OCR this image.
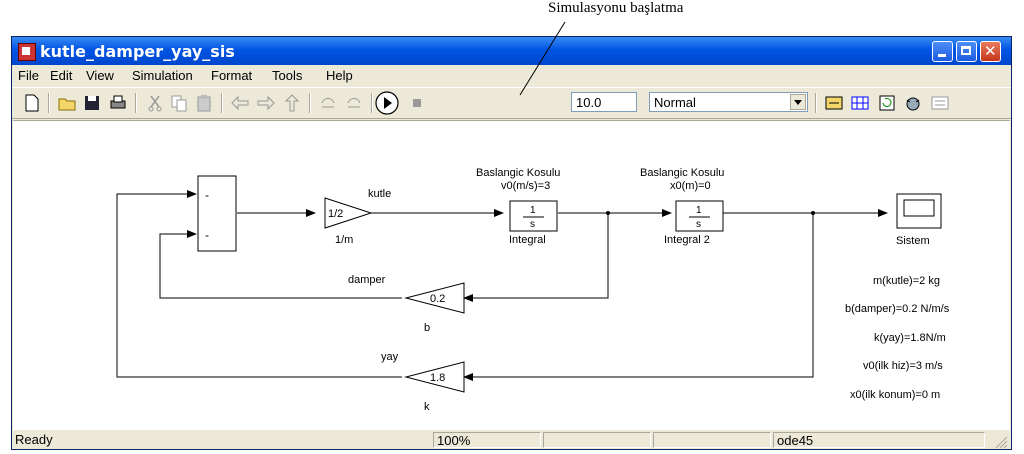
Simulasyonu başlatma
kutle_damper_yay_sis	✕
File Edit View Simulation Format Tools Help
10.0	Normal
-
-
1/2
kutle
1/m
1
s
Baslangic Kosulu
v0(m/s)=3
Integral
1
s
Baslangic Kosulu
x0(m)=0
Integral 2	Sistem
0.2
damper
b
1.8
yay
k
m(kutle)=2 kg
b(damper)=0.2 N/m/s
k(yay)=1.8N/m
v0(ilk hiz)=3 m/s
x0(ilk konum)=0 m
Ready	100%	ode45
